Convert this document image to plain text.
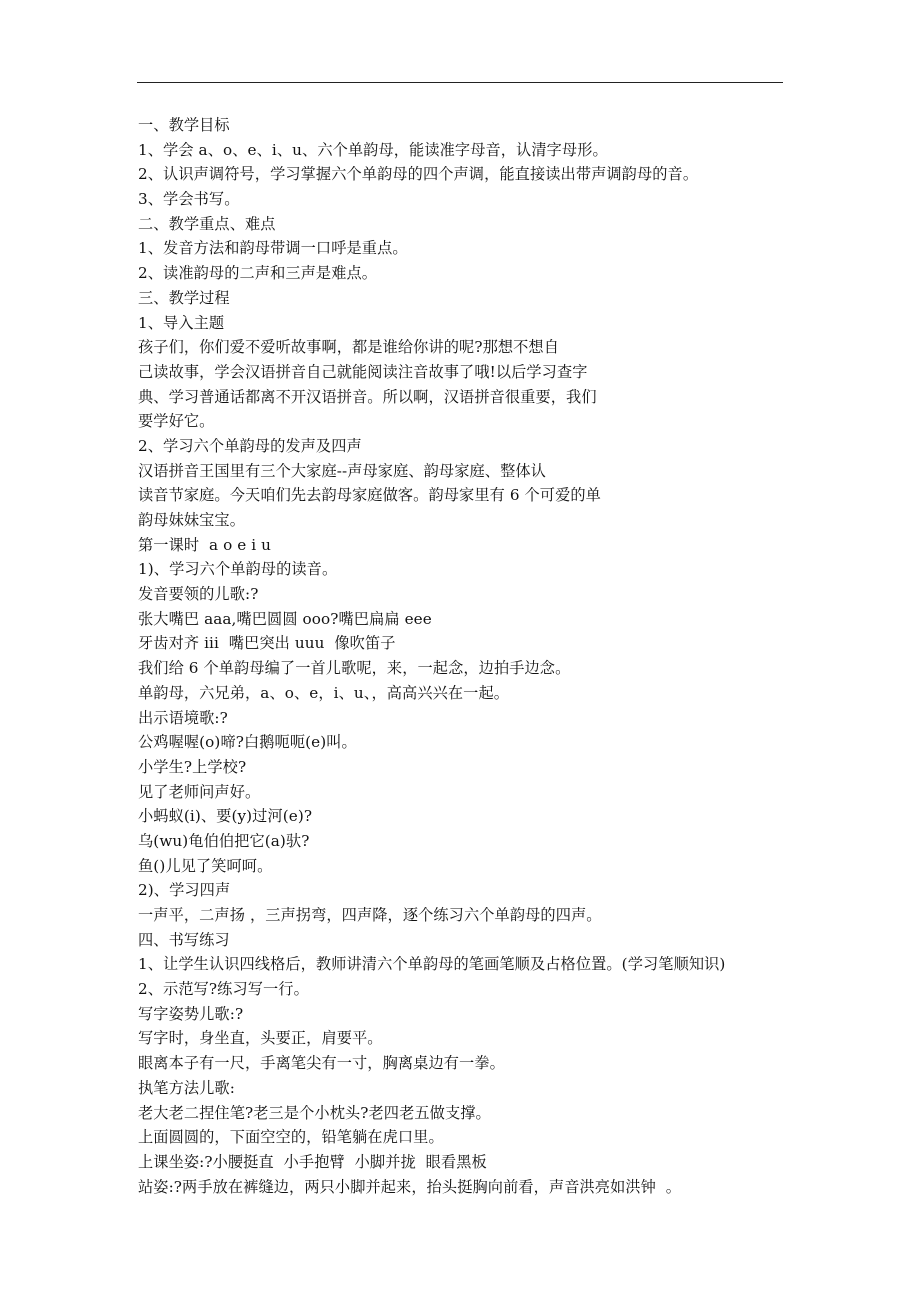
一、教学目标
1、学会 a、o、e、i、u、六个单韵母，能读准字母音，认清字母形。
2、认识声调符号，学习掌握六个单韵母的四个声调，能直接读出带声调韵母的音。
3、学会书写。
二、教学重点、难点
1、发音方法和韵母带调一口呼是重点。
2、读准韵母的二声和三声是难点。
三、教学过程
1、导入主题
孩子们，你们爱不爱听故事啊，都是谁给你讲的呢?那想不想自
己读故事，学会汉语拼音自己就能阅读注音故事了哦!以后学习查字
典、学习普通话都离不开汉语拼音。所以啊，汉语拼音很重要，我们
要学好它。
2、学习六个单韵母的发声及四声
汉语拼音王国里有三个大家庭--声母家庭、韵母家庭、整体认
读音节家庭。今天咱们先去韵母家庭做客。韵母家里有 6 个可爱的单
韵母妹妹宝宝。
第一课时  a o e i u
1)、学习六个单韵母的读音。
发音要领的儿歌:?
张大嘴巴 aaa,嘴巴圆圆 ooo?嘴巴扁扁 eee
牙齿对齐 iii  嘴巴突出 uuu  像吹笛子
我们给 6 个单韵母编了一首儿歌呢，来，一起念，边拍手边念。
单韵母，六兄弟，a、o、e，i、u、，高高兴兴在一起。
出示语境歌:?
公鸡喔喔(o)啼?白鹅呃呃(e)叫。
小学生?上学校?
见了老师问声好。
小蚂蚁(i)、要(y)过河(e)?
乌(wu)龟伯伯把它(a)驮?
鱼()儿见了笑呵呵。
2)、学习四声
一声平，二声扬 ，三声拐弯，四声降，逐个练习六个单韵母的四声。
四、书写练习
1、让学生认识四线格后，教师讲清六个单韵母的笔画笔顺及占格位置。(学习笔顺知识)
2、示范写?练习写一行。
写字姿势儿歌:?
写字时，身坐直，头要正，肩要平。
眼离本子有一尺，手离笔尖有一寸，胸离桌边有一拳。
执笔方法儿歌:
老大老二捏住笔?老三是个小枕头?老四老五做支撑。
上面圆圆的，下面空空的，铅笔躺在虎口里。
上课坐姿:?小腰挺直  小手抱臂  小脚并拢  眼看黑板
站姿:?两手放在裤缝边，两只小脚并起来，抬头挺胸向前看，声音洪亮如洪钟  。
